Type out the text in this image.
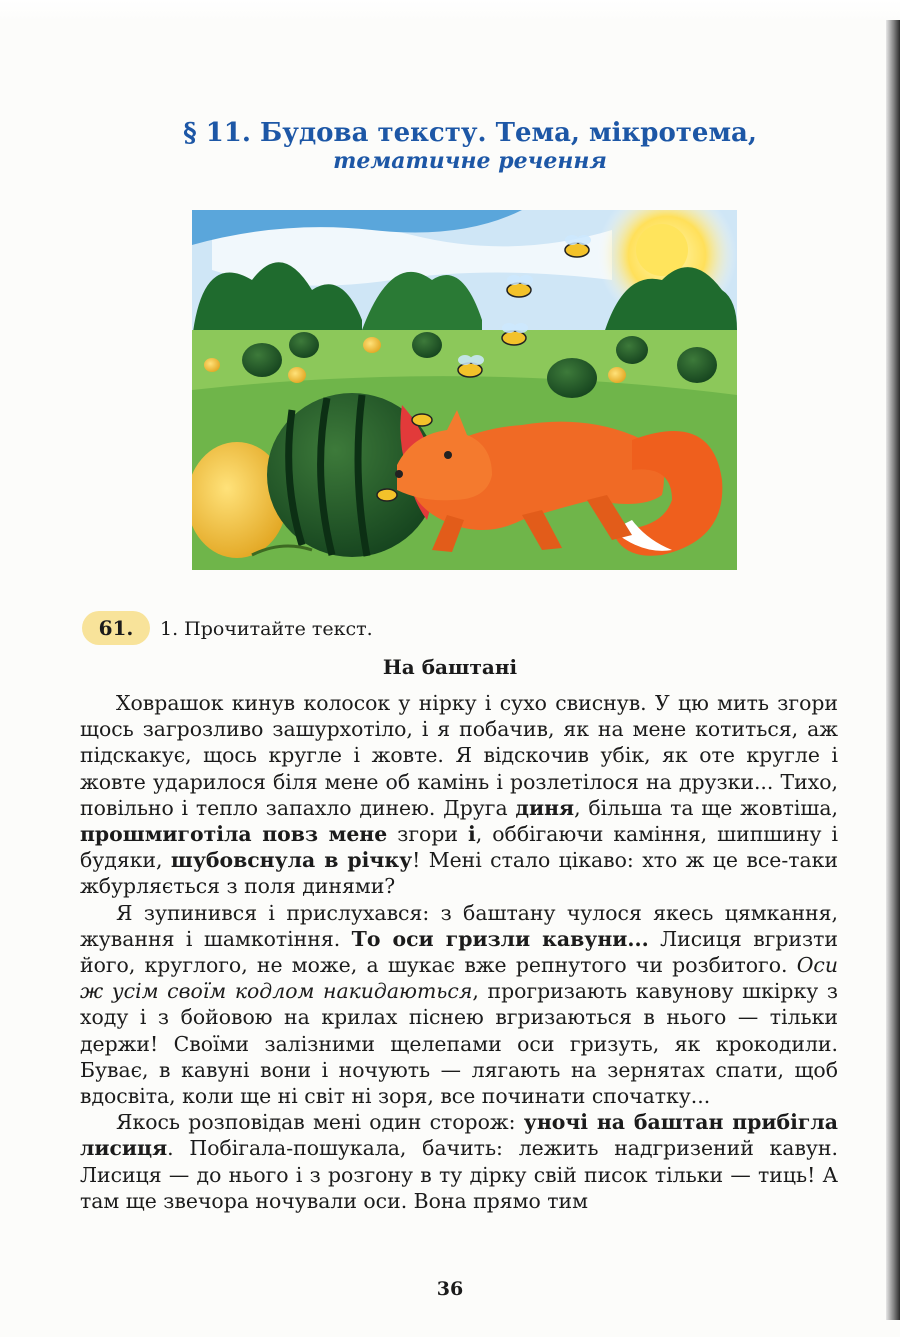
§ 11. Будова тексту. Тема, мікротема,
тематичне речення
61.	1. Прочитайте текст.
На баштані

Ховрашок кинув колосок у нірку і сухо свиснув. У цю мить згори щось загрозливо зашурхотіло, і я побачив, як на мене котиться, аж підскакує, щось кругле і жовте. Я відскочив убік, як оте кругле і жовте ударилося біля мене об камінь і розлетілося на друзки... Тихо, повільно і тепло запахло динею. Друга диня, більша та ще жовтіша, прошмиготіла повз мене згори і, оббігаючи каміння, шипшину і будяки, шубовснула в річку! Мені стало цікаво: хто ж це все-таки жбурляється з поля динями?

Я зупинився і прислухався: з баштану чулося якесь цямкання, жування і шамкотіння. То оси гризли кавуни... Лисиця вгризти його, круглого, не може, а шукає вже репнутого чи розбитого. Оси ж усім своїм кодлом накидаються, прогризають кавунову шкірку з ходу і з бойовою на крилах піснею вгризаються в нього — тільки держи! Своїми залізними щелепами оси гризуть, як крокодили. Буває, в кавуні вони і ночують — лягають на зернятах спати, щоб вдосвіта, коли ще ні світ ні зоря, все починати спочатку...

Якось розповідав мені один сторож: уночі на баштан прибігла лисиця. Побігала-пошукала, бачить: лежить надгризений кавун. Лисиця — до нього і з розгону в ту дірку свій писок тільки — тиць! А там ще звечора ночували оси. Вона прямо тим

36
